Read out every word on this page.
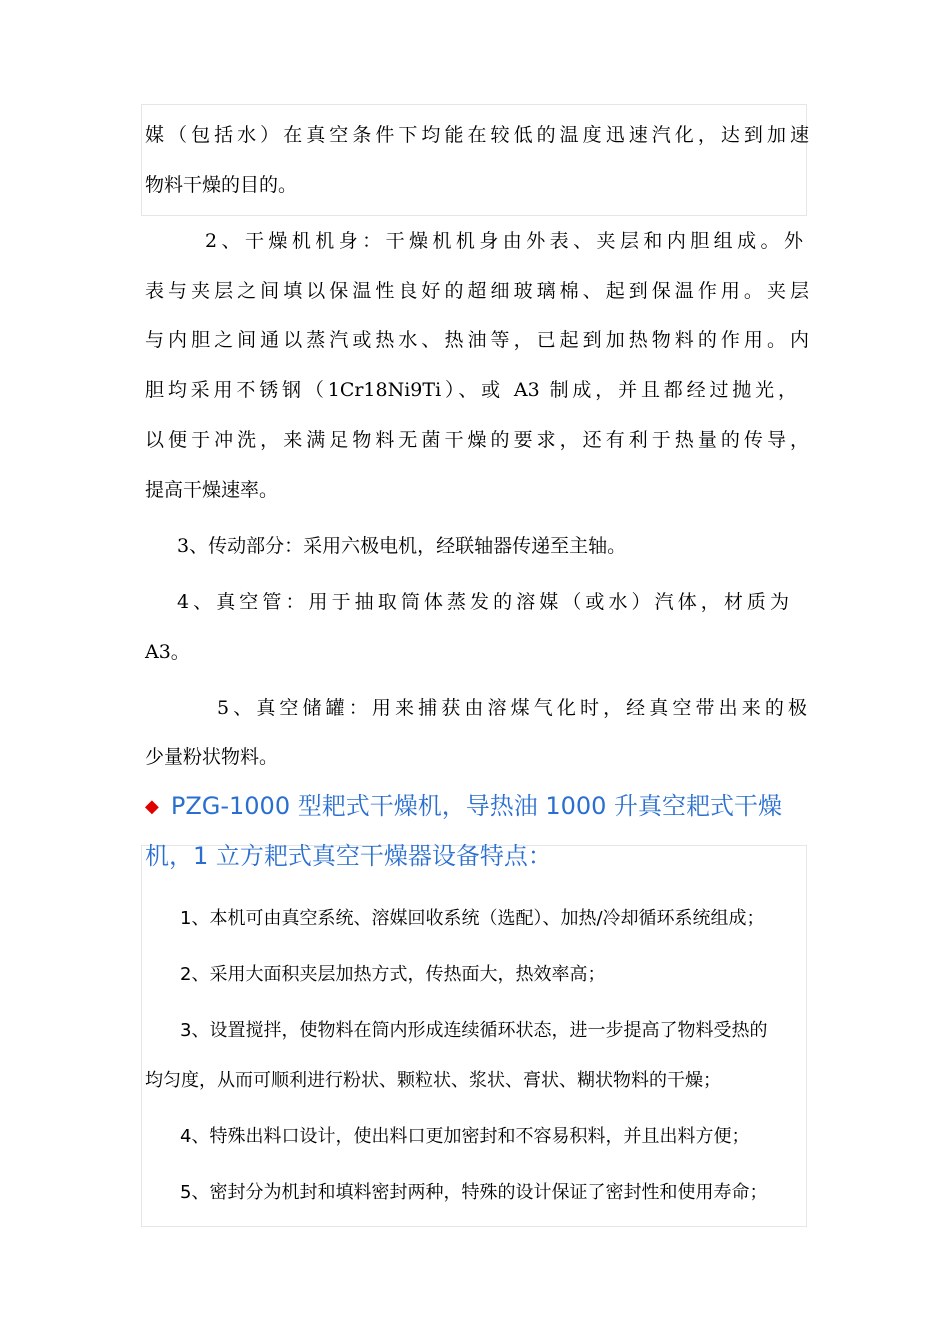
媒（包括水）在真空条件下均能在较低的温度迅速汽化，达到加速
物料干燥的目的。
2、干燥机机身：干燥机机身由外表、夹层和内胆组成。外
表与夹层之间填以保温性良好的超细玻璃棉、起到保温作用。夹层
与内胆之间通以蒸汽或热水、热油等，已起到加热物料的作用。内
胆均采用不锈钢（1Cr18Ni9Ti）、或 A3 制成，并且都经过抛光，
以便于冲洗，来满足物料无菌干燥的要求，还有利于热量的传导，
提高干燥速率。
3、传动部分：采用六极电机，经联轴器传递至主轴。
4、真空管：用于抽取筒体蒸发的溶媒（或水）汽体，材质为
A3。
5、真空储罐：用来捕获由溶煤气化时，经真空带出来的极
少量粉状物料。
◆ PZG-1000 型耙式干燥机，导热油 1000 升真空耙式干燥
机，1 立方耙式真空干燥器设备特点：
1、本机可由真空系统、溶媒回收系统（选配）、加热/冷却循环系统组成；
2、采用大面积夹层加热方式，传热面大，热效率高；
3、设置搅拌，使物料在筒内形成连续循环状态，进一步提高了物料受热的
均匀度，从而可顺利进行粉状、颗粒状、浆状、膏状、糊状物料的干燥；
4、特殊出料口设计，使出料口更加密封和不容易积料，并且出料方便；
5、密封分为机封和填料密封两种，特殊的设计保证了密封性和使用寿命；
